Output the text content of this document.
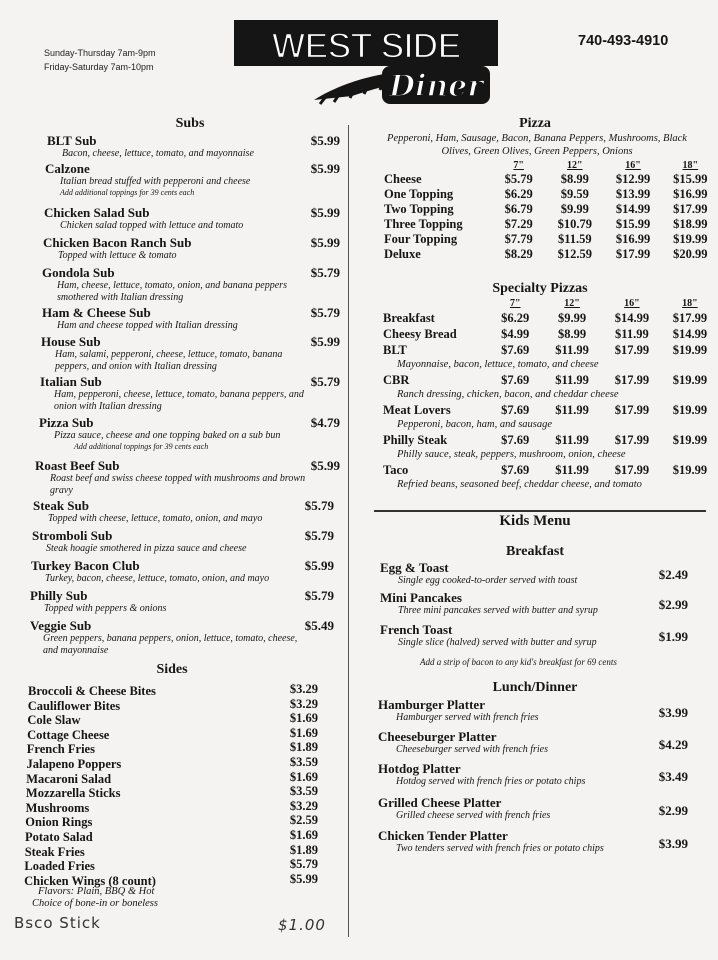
Sunday-Thursday 7am-9pm
Friday-Saturday 7am-10pm
740-493-4910
WEST SIDE
Diner
Subs
BLT Sub	$5.99
Bacon, cheese, lettuce, tomato, and mayonnaise
Calzone	$5.99
Italian bread stuffed with pepperoni and cheese
Add additional toppings for 39 cents each
Chicken Salad Sub	$5.99
Chicken salad topped with lettuce and tomato
Chicken Bacon Ranch Sub	$5.99
Topped with lettuce & tomato
Gondola Sub	$5.79
Ham, cheese, lettuce, tomato, onion, and banana peppers
smothered with Italian dressing
Ham & Cheese Sub	$5.79
Ham and cheese topped with Italian dressing
House Sub	$5.99
Ham, salami, pepperoni, cheese, lettuce, tomato, banana
peppers, and onion with Italian dressing
Italian Sub	$5.79
Ham, pepperoni, cheese, lettuce, tomato, banana peppers, and
onion with Italian dressing
Pizza Sub	$4.79
Pizza sauce, cheese and one topping baked on a sub bun
Add additional toppings for 39 cents each
Roast Beef Sub	$5.99
Roast beef and swiss cheese topped with mushrooms and brown
gravy
Steak Sub	$5.79
Topped with cheese, lettuce, tomato, onion, and mayo
Stromboli Sub	$5.79
Steak hoagie smothered in pizza sauce and cheese
Turkey Bacon Club	$5.99
Turkey, bacon, cheese, lettuce, tomato, onion, and mayo
Philly Sub	$5.79
Topped with peppers & onions
Veggie Sub	$5.49
Green peppers, banana peppers, onion, lettuce, tomato, cheese,
and mayonnaise
Sides
Broccoli & Cheese Bites	$3.29
Cauliflower Bites	$3.29
Cole Slaw	$1.69
Cottage Cheese	$1.69
French Fries	$1.89
Jalapeno Poppers	$3.59
Macaroni Salad	$1.69
Mozzarella Sticks	$3.59
Mushrooms	$3.29
Onion Rings	$2.59
Potato Salad	$1.69
Steak Fries	$1.89
Loaded Fries	$5.79
Chicken Wings (8 count)	$5.99
Flavors: Plain, BBQ & Hot
Choice of bone-in or boneless
Bsco Stick	$1.00
Pizza
Pepperoni, Ham, Sausage, Bacon, Banana Peppers, Mushrooms, Black
Olives, Green Olives, Green Peppers, Onions
	7"	12"	16"	18"
Cheese	$5.79	$8.99	$12.99	$15.99
One Topping	$6.29	$9.59	$13.99	$16.99
Two Topping	$6.79	$9.99	$14.99	$17.99
Three Topping	$7.29	$10.79	$15.99	$18.99
Four Topping	$7.79	$11.59	$16.99	$19.99
Deluxe	$8.29	$12.59	$17.99	$20.99
Specialty Pizzas
	7"	12"	16"	18"
Breakfast	$6.29	$9.99	$14.99	$17.99
Cheesy Bread	$4.99	$8.99	$11.99	$14.99
BLT	$7.69	$11.99	$17.99	$19.99
Mayonnaise, bacon, lettuce, tomato, and cheese				
CBR	$7.69	$11.99	$17.99	$19.99
Ranch dressing, chicken, bacon, and cheddar cheese				
Meat Lovers	$7.69	$11.99	$17.99	$19.99
Pepperoni, bacon, ham, and sausage				
Philly Steak	$7.69	$11.99	$17.99	$19.99
Philly sauce, steak, peppers, mushroom, onion, cheese				
Taco	$7.69	$11.99	$17.99	$19.99
Refried beans, seasoned beef, cheddar cheese, and tomato				
Kids Menu
Breakfast
Egg & Toast
Single egg cooked-to-order served with toast	$2.49
Mini Pancakes
Three mini pancakes served with butter and syrup	$2.99
French Toast
Single slice (halved) served with butter and syrup	$1.99
Add a strip of bacon to any kid's breakfast for 69 cents
Lunch/Dinner
Hamburger Platter
Hamburger served with french fries	$3.99
Cheeseburger Platter
Cheeseburger served with french fries	$4.29
Hotdog Platter
Hotdog served with french fries or potato chips	$3.49
Grilled Cheese Platter
Grilled cheese served with french fries	$2.99
Chicken Tender Platter
Two tenders served with french fries or potato chips	$3.99
